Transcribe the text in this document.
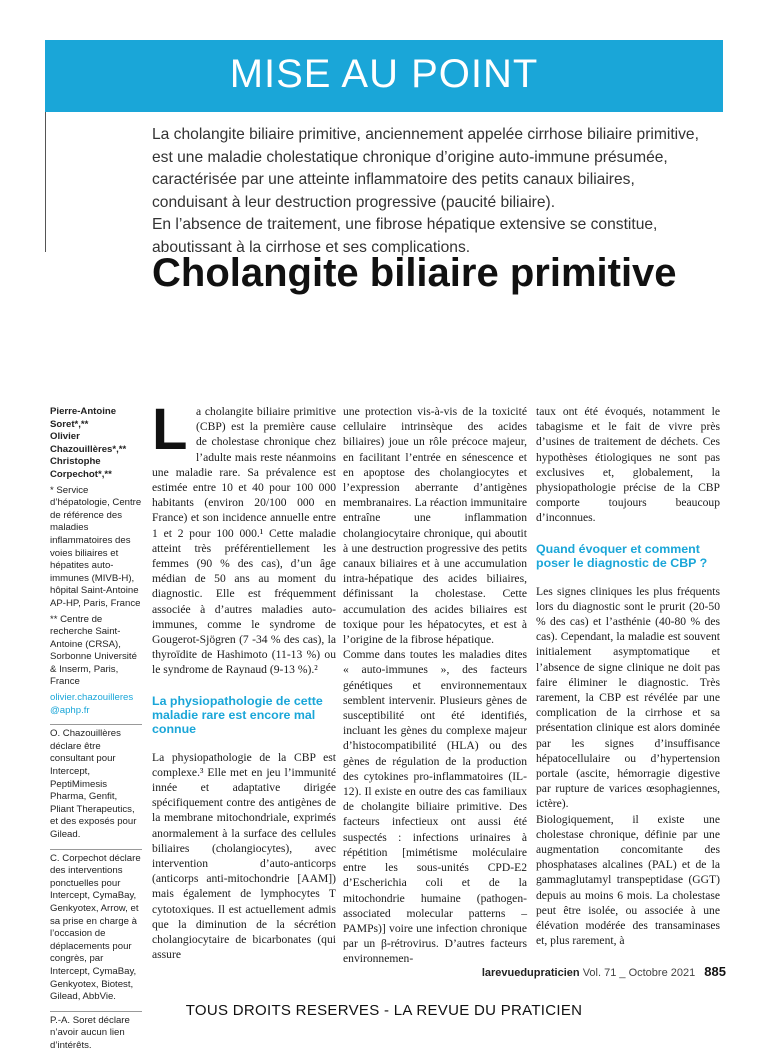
MISE AU POINT

La cholangite biliaire primitive, anciennement appelée cirrhose biliaire primitive, est une maladie cholestatique chronique d’origine auto-immune présumée, caractérisée par une atteinte inflammatoire des petits canaux biliaires, conduisant à leur destruction progressive (paucité biliaire).

En l’absence de traitement, une fibrose hépatique extensive se constitue, aboutissant à la cirrhose et ses complications.

Cholangite biliaire primitive

Pierre-Antoine Soret*,**

Olivier Chazouillères*,**

Christophe Corpechot*,**

* Service d’hépatologie, Centre de référence des maladies inflammatoires des voies biliaires et hépatites auto-immunes (MIVB-H), hôpital Saint-Antoine AP-HP, Paris, France

** Centre de recherche Saint-Antoine (CRSA), Sorbonne Université & Inserm, Paris, France

olivier.chazouilleres @aphp.fr

O. Chazouillères déclare être consultant pour Intercept, PeptiMimesis Pharma, Genfit, Pliant Therapeutics, et des exposés pour Gilead.

C. Corpechot déclare des interventions ponctuelles pour Intercept, CymaBay, Genkyotex, Arrow, et sa prise en charge à l’occasion de déplacements pour congrès, par Intercept, CymaBay, Genkyotex, Biotest, Gilead, AbbVie.

P.-A. Soret déclare n’avoir aucun lien d’intérêts.

La cholangite biliaire primitive (CBP) est la première cause de cholestase chronique chez l’adulte mais reste néanmoins une maladie rare. Sa prévalence est estimée entre 10 et 40 pour 100 000 habitants (environ 20/100 000 en France) et son incidence annuelle entre 1 et 2 pour 100 000.¹ Cette maladie atteint très préférentiellement les femmes (90 % des cas), d’un âge médian de 50 ans au moment du diagnostic. Elle est fréquemment associée à d’autres maladies auto-immunes, comme le syndrome de Gougerot-Sjögren (7 -34 % des cas), la thyroïdite de Hashimoto (11-13 %) ou le syndrome de Raynaud (9-13 %).²

La physiopathologie de cette maladie rare est encore mal connue

La physiopathologie de la CBP est complexe.³ Elle met en jeu l’immunité innée et adaptative dirigée spécifiquement contre des antigènes de la membrane mitochondriale, exprimés anormalement à la surface des cellules biliaires (cholangiocytes), avec intervention d’auto-anticorps (anticorps anti-mitochondrie [AAM]) mais également de lymphocytes T cytotoxiques. Il est actuellement admis que la diminution de la sécrétion cholangiocytaire de bicarbonates (qui assure

une protection vis-à-vis de la toxicité cellulaire intrinsèque des acides biliaires) joue un rôle précoce majeur, en facilitant l’entrée en sénescence et en apoptose des cholangiocytes et l’expression aberrante d’antigènes membranaires. La réaction immunitaire entraîne une inflammation cholangiocytaire chronique, qui aboutit à une destruction progressive des petits canaux biliaires et à une accumulation intra-hépatique des acides biliaires, définissant la cholestase. Cette accumulation des acides biliaires est toxique pour les hépatocytes, et est à l’origine de la fibrose hépatique.

Comme dans toutes les maladies dites « auto-immunes », des facteurs génétiques et environnementaux semblent intervenir. Plusieurs gènes de susceptibilité ont été identifiés, incluant les gènes du complexe majeur d’histocompatibilité (HLA) ou des gènes de régulation de la production des cytokines pro-inflammatoires (IL-12). Il existe en outre des cas familiaux de cholangite biliaire primitive. Des facteurs infectieux ont aussi été suspectés : infections urinaires à répétition [mimétisme moléculaire entre les sous-unités CPD-E2 d’Escherichia coli et de la mitochondrie humaine (pathogen-associated molecular patterns – PAMPs)] voire une infection chronique par un β-rétrovirus. D’autres facteurs environnemen-

taux ont été évoqués, notamment le tabagisme et le fait de vivre près d’usines de traitement de déchets. Ces hypothèses étiologiques ne sont pas exclusives et, globalement, la physiopathologie précise de la CBP comporte toujours beaucoup d’inconnues.

Quand évoquer et comment poser le diagnostic de CBP ?

Les signes cliniques les plus fréquents lors du diagnostic sont le prurit (20-50 % des cas) et l’asthénie (40-80 % des cas). Cependant, la maladie est souvent initialement asymptomatique et l’absence de signe clinique ne doit pas faire éliminer le diagnostic. Très rarement, la CBP est révélée par une complication de la cirrhose et sa présentation clinique est alors dominée par les signes d’insuffisance hépatocellulaire ou d’hypertension portale (ascite, hémorragie digestive par rupture de varices œsophagiennes, ictère).

Biologiquement, il existe une cholestase chronique, définie par une augmentation concomitante des phosphatases alcalines (PAL) et de la gammaglutamyl transpeptidase (GGT) depuis au moins 6 mois. La cholestase peut être isolée, ou associée à une élévation modérée des transaminases et, plus rarement, à

larevuedupraticien Vol. 71 _ Octobre 2021 885
TOUS DROITS RESERVES - LA REVUE DU PRATICIEN
